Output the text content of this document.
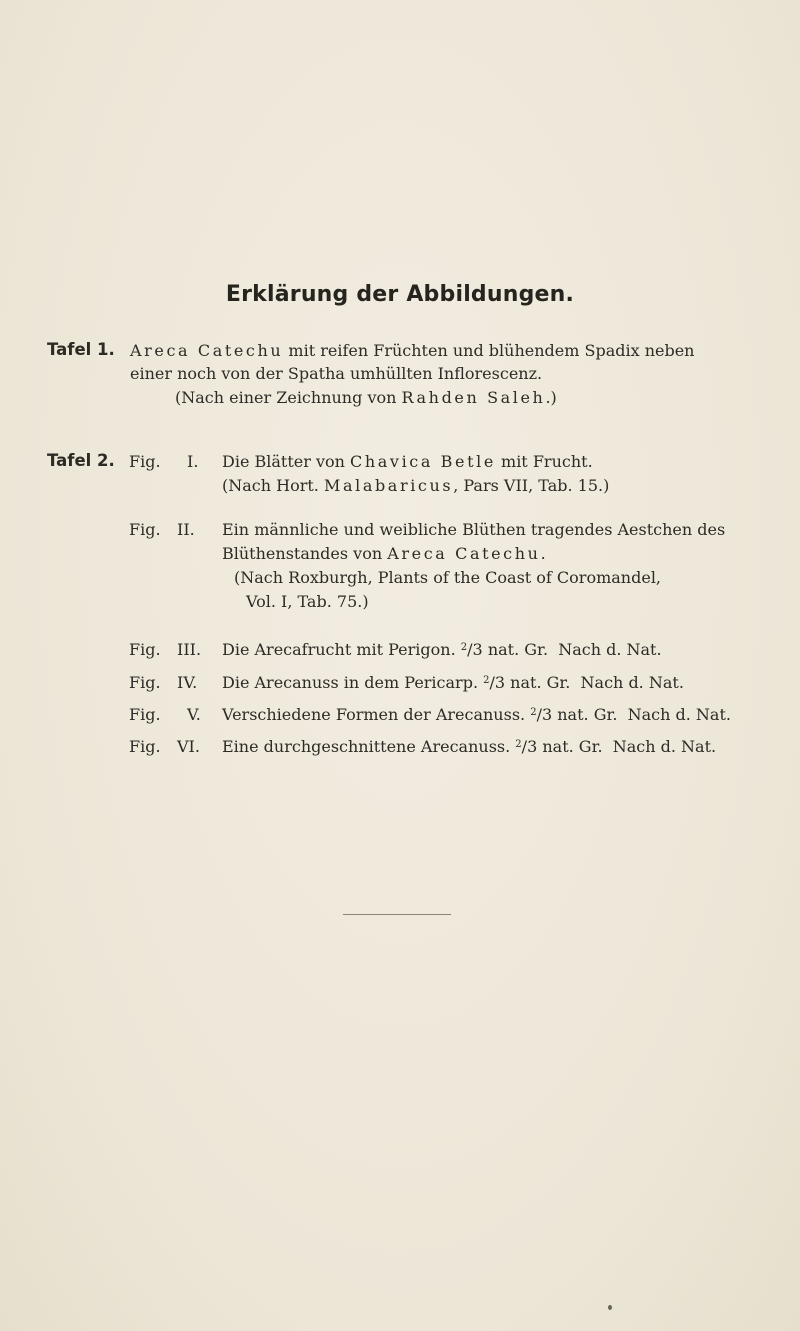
Erklärung der Abbildungen.
Tafel 1. Areca Catechu mit reifen Früchten und blühendem Spadix neben
einer noch von der Spatha umhüllten Inflorescenz.
(Nach einer Zeichnung von Rahden Saleh.)
Tafel 2. Fig. I. Die Blätter von Chavica Betle mit Frucht.
(Nach Hort. Malabaricus, Pars VII, Tab. 15.)
Fig. II. Ein männliche und weibliche Blüthen tragendes Aestchen des
Blüthenstandes von Areca Catechu.
(Nach Roxburgh, Plants of the Coast of Coromandel,
Vol. I, Tab. 75.)
Fig. III. Die Arecafrucht mit Perigon. $^2$/3 nat. Gr.  Nach d. Nat.
Fig. IV. Die Arecanuss in dem Pericarp. $^2$/3 nat. Gr.  Nach d. Nat.
Fig. V. Verschiedene Formen der Arecanuss. $^2$/3 nat. Gr.  Nach d. Nat.
Fig. VI. Eine durchgeschnittene Arecanuss. $^2$/3 nat. Gr.  Nach d. Nat.
